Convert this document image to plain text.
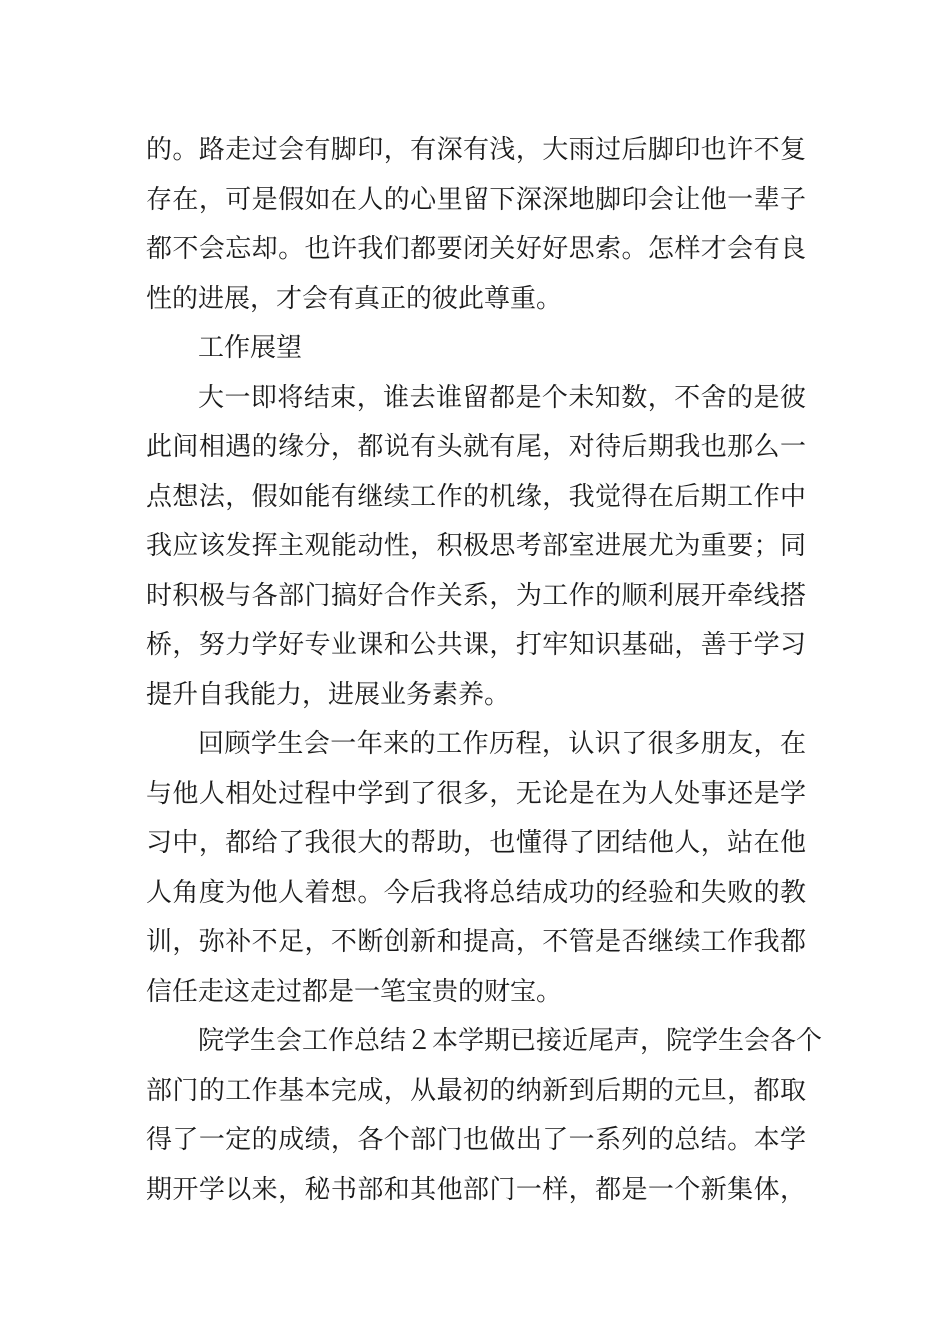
的。路走过会有脚印，有深有浅，大雨过后脚印也许不复
存在，可是假如在人的心里留下深深地脚印会让他一辈子
都不会忘却。也许我们都要闭关好好思索。怎样才会有良
性的进展，才会有真正的彼此尊重。
工作展望
大一即将结束，谁去谁留都是个未知数，不舍的是彼
此间相遇的缘分，都说有头就有尾，对待后期我也那么一
点想法，假如能有继续工作的机缘，我觉得在后期工作中
我应该发挥主观能动性，积极思考部室进展尤为重要；同
时积极与各部门搞好合作关系，为工作的顺利展开牵线搭
桥，努力学好专业课和公共课，打牢知识基础，善于学习
提升自我能力，进展业务素养。
回顾学生会一年来的工作历程，认识了很多朋友，在
与他人相处过程中学到了很多，无论是在为人处事还是学
习中，都给了我很大的帮助，也懂得了团结他人，站在他
人角度为他人着想。今后我将总结成功的经验和失败的教
训，弥补不足，不断创新和提高，不管是否继续工作我都
信任走这走过都是一笔宝贵的财宝。
院学生会工作总结２本学期已接近尾声，院学生会各个
部门的工作基本完成，从最初的纳新到后期的元旦，都取
得了一定的成绩，各个部门也做出了一系列的总结。本学
期开学以来，秘书部和其他部门一样，都是一个新集体，
